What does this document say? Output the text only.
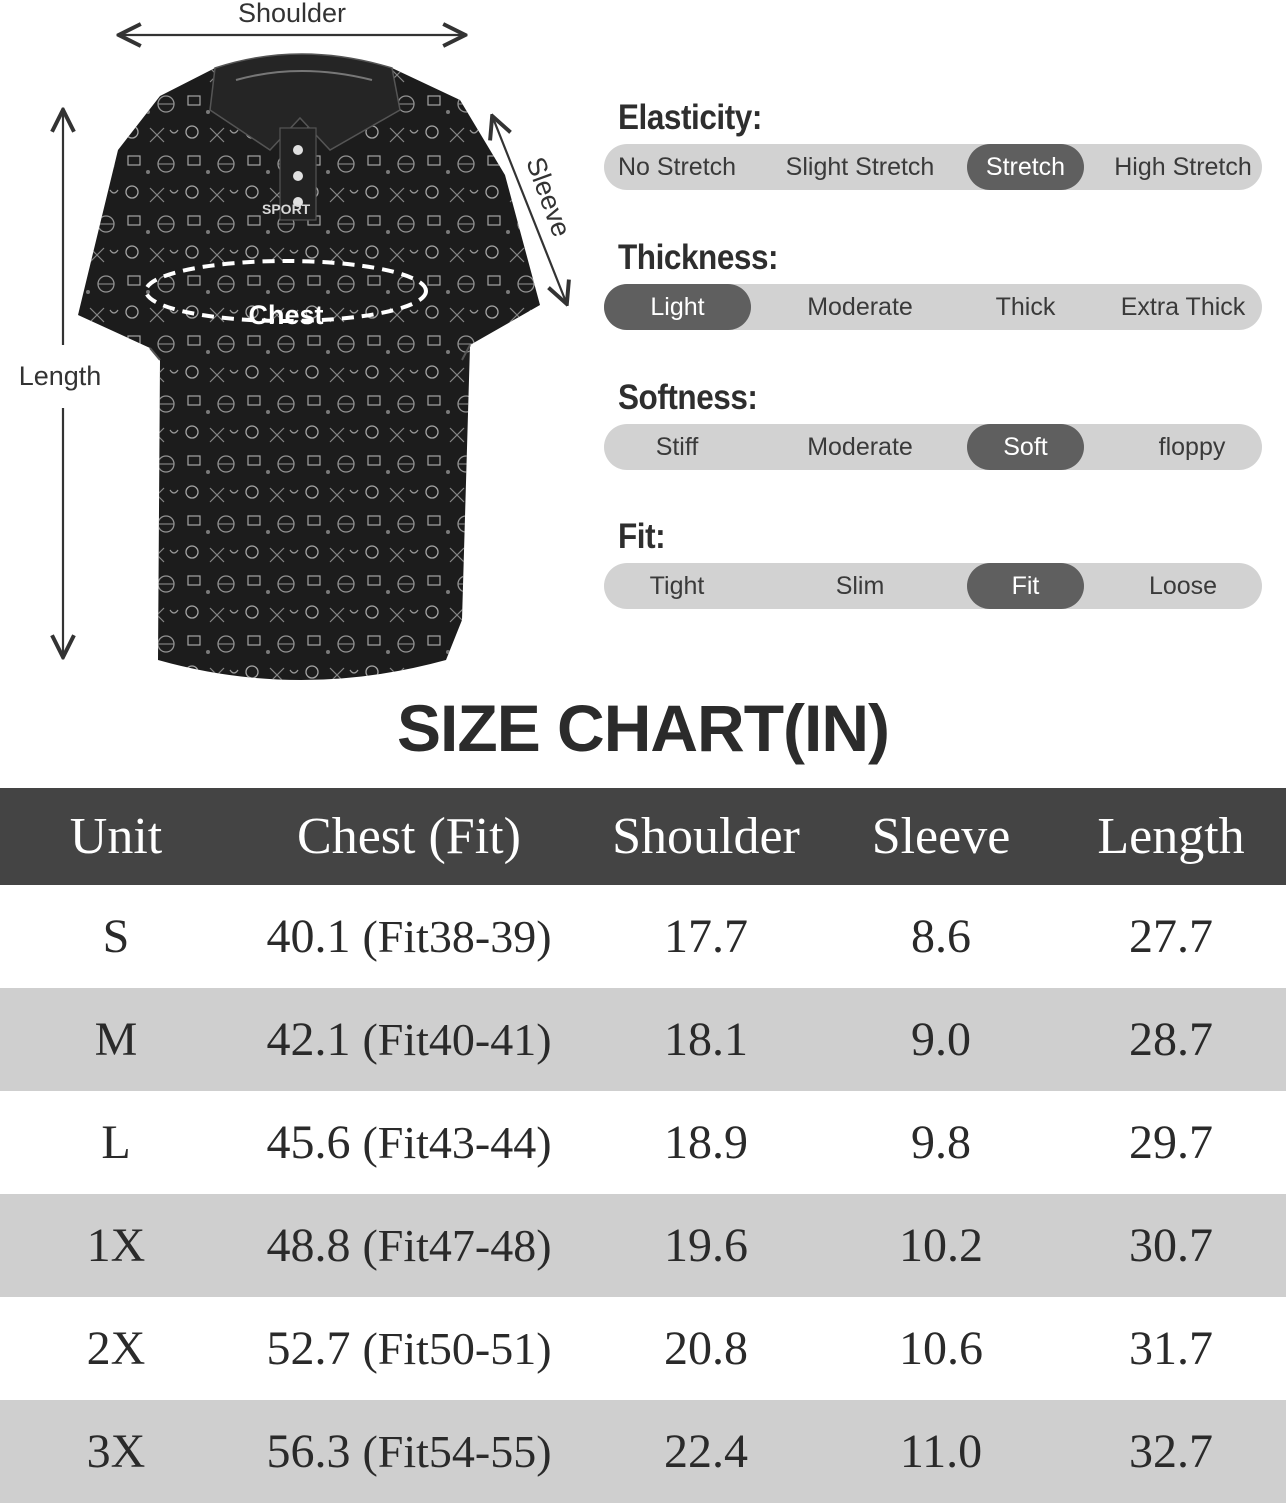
SPORT
Chest
Shoulder
Length
Sleeve
Elasticity:
No Stretch	Slight Stretch	Stretch	High Stretch
Thickness:
Light	Moderate	Thick	Extra Thick
Softness:
Stiff	Moderate	Soft	floppy
Fit:
Tight	Slim	Fit	Loose
SIZE CHART(IN)
Unit	Chest (Fit)	Shoulder	Sleeve	Length
S	40.1 (Fit38-39)	17.7	8.6	27.7
M	42.1 (Fit40-41)	18.1	9.0	28.7
L	45.6 (Fit43-44)	18.9	9.8	29.7
1X	48.8 (Fit47-48)	19.6	10.2	30.7
2X	52.7 (Fit50-51)	20.8	10.6	31.7
3X	56.3 (Fit54-55)	22.4	11.0	32.7
